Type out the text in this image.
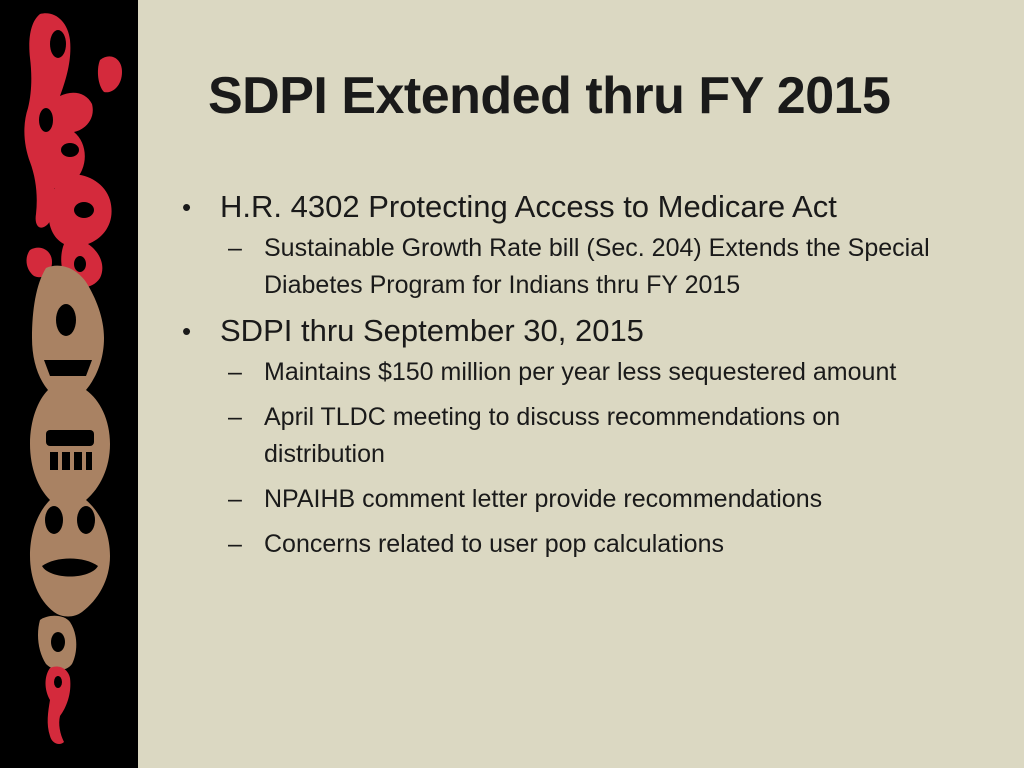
SDPI Extended thru FY 2015
• H.R. 4302 Protecting Access to Medicare Act
– Sustainable Growth Rate bill (Sec. 204) Extends the Special Diabetes Program for Indians thru FY 2015
• SDPI thru September 30, 2015
– Maintains $150 million per year less sequestered amount
– April TLDC meeting to discuss recommendations on distribution
– NPAIHB comment letter provide recommendations
– Concerns related to user pop calculations
